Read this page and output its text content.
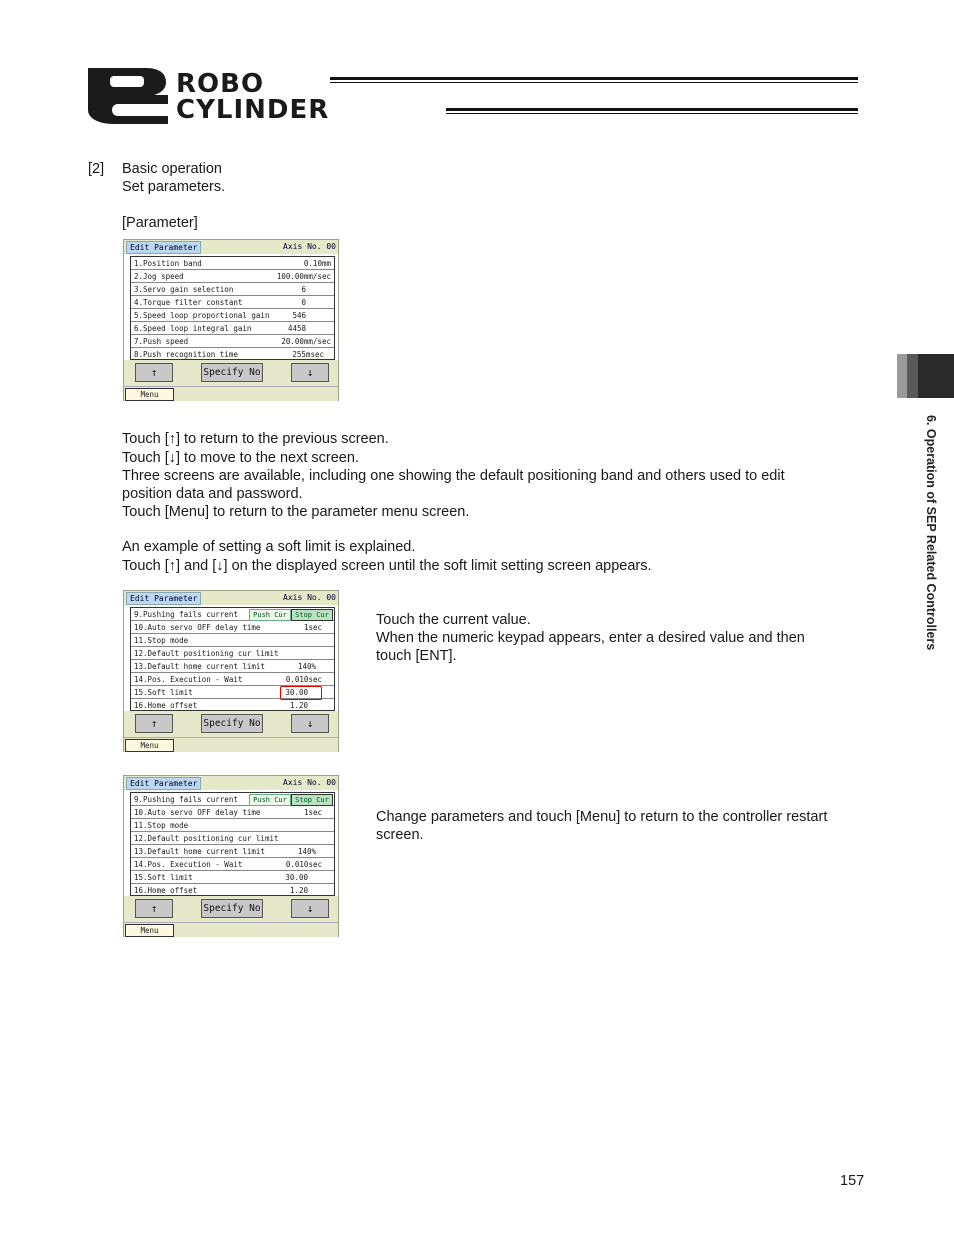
ROBO
CYLINDER
6. Operation of SEP Related Controllers
[2] Basic operation
Set parameters.
[Parameter]
Edit Parameter	Axis No. 00
1.Position band	0.10mm
2.Jog speed	100.00mm/sec
3.Servo gain selection	6
4.Torque filter constant	0
5.Speed loop proportional gain	546
6.Speed loop integral gain	4458
7.Push speed	20.00mm/sec
8.Push recognition time	255msec
↑	Specify No	↓
Menu
Touch [↑] to return to the previous screen.
Touch [↓] to move to the next screen.
Three screens are available, including one showing the default positioning band and others used to edit
position data and password.
Touch [Menu] to return to the parameter menu screen.
An example of setting a soft limit is explained.
Touch [↑] and [↓] on the displayed screen until the soft limit setting screen appears.
Edit Parameter	Axis No. 00
9.Pushing fails current	Push Cur	Stop Cur
10.Auto servo OFF delay time	1sec
11.Stop mode
12.Default positioning cur limit
13.Default home current limit	140%
14.Pos. Execution - Wait	0.010sec
15.Soft limit	30.00
16.Home offset	1.20
↑	Specify No	↓
Menu
Touch the current value.
When the numeric keypad appears, enter a desired value and then
touch [ENT].
Edit Parameter	Axis No. 00
9.Pushing fails current	Push Cur	Stop Cur
10.Auto servo OFF delay time	1sec
11.Stop mode
12.Default positioning cur limit
13.Default home current limit	140%
14.Pos. Execution - Wait	0.010sec
15.Soft limit	30.00
16.Home offset	1.20
↑	Specify No	↓
Menu
Change parameters and touch [Menu] to return to the controller restart
screen.
157
